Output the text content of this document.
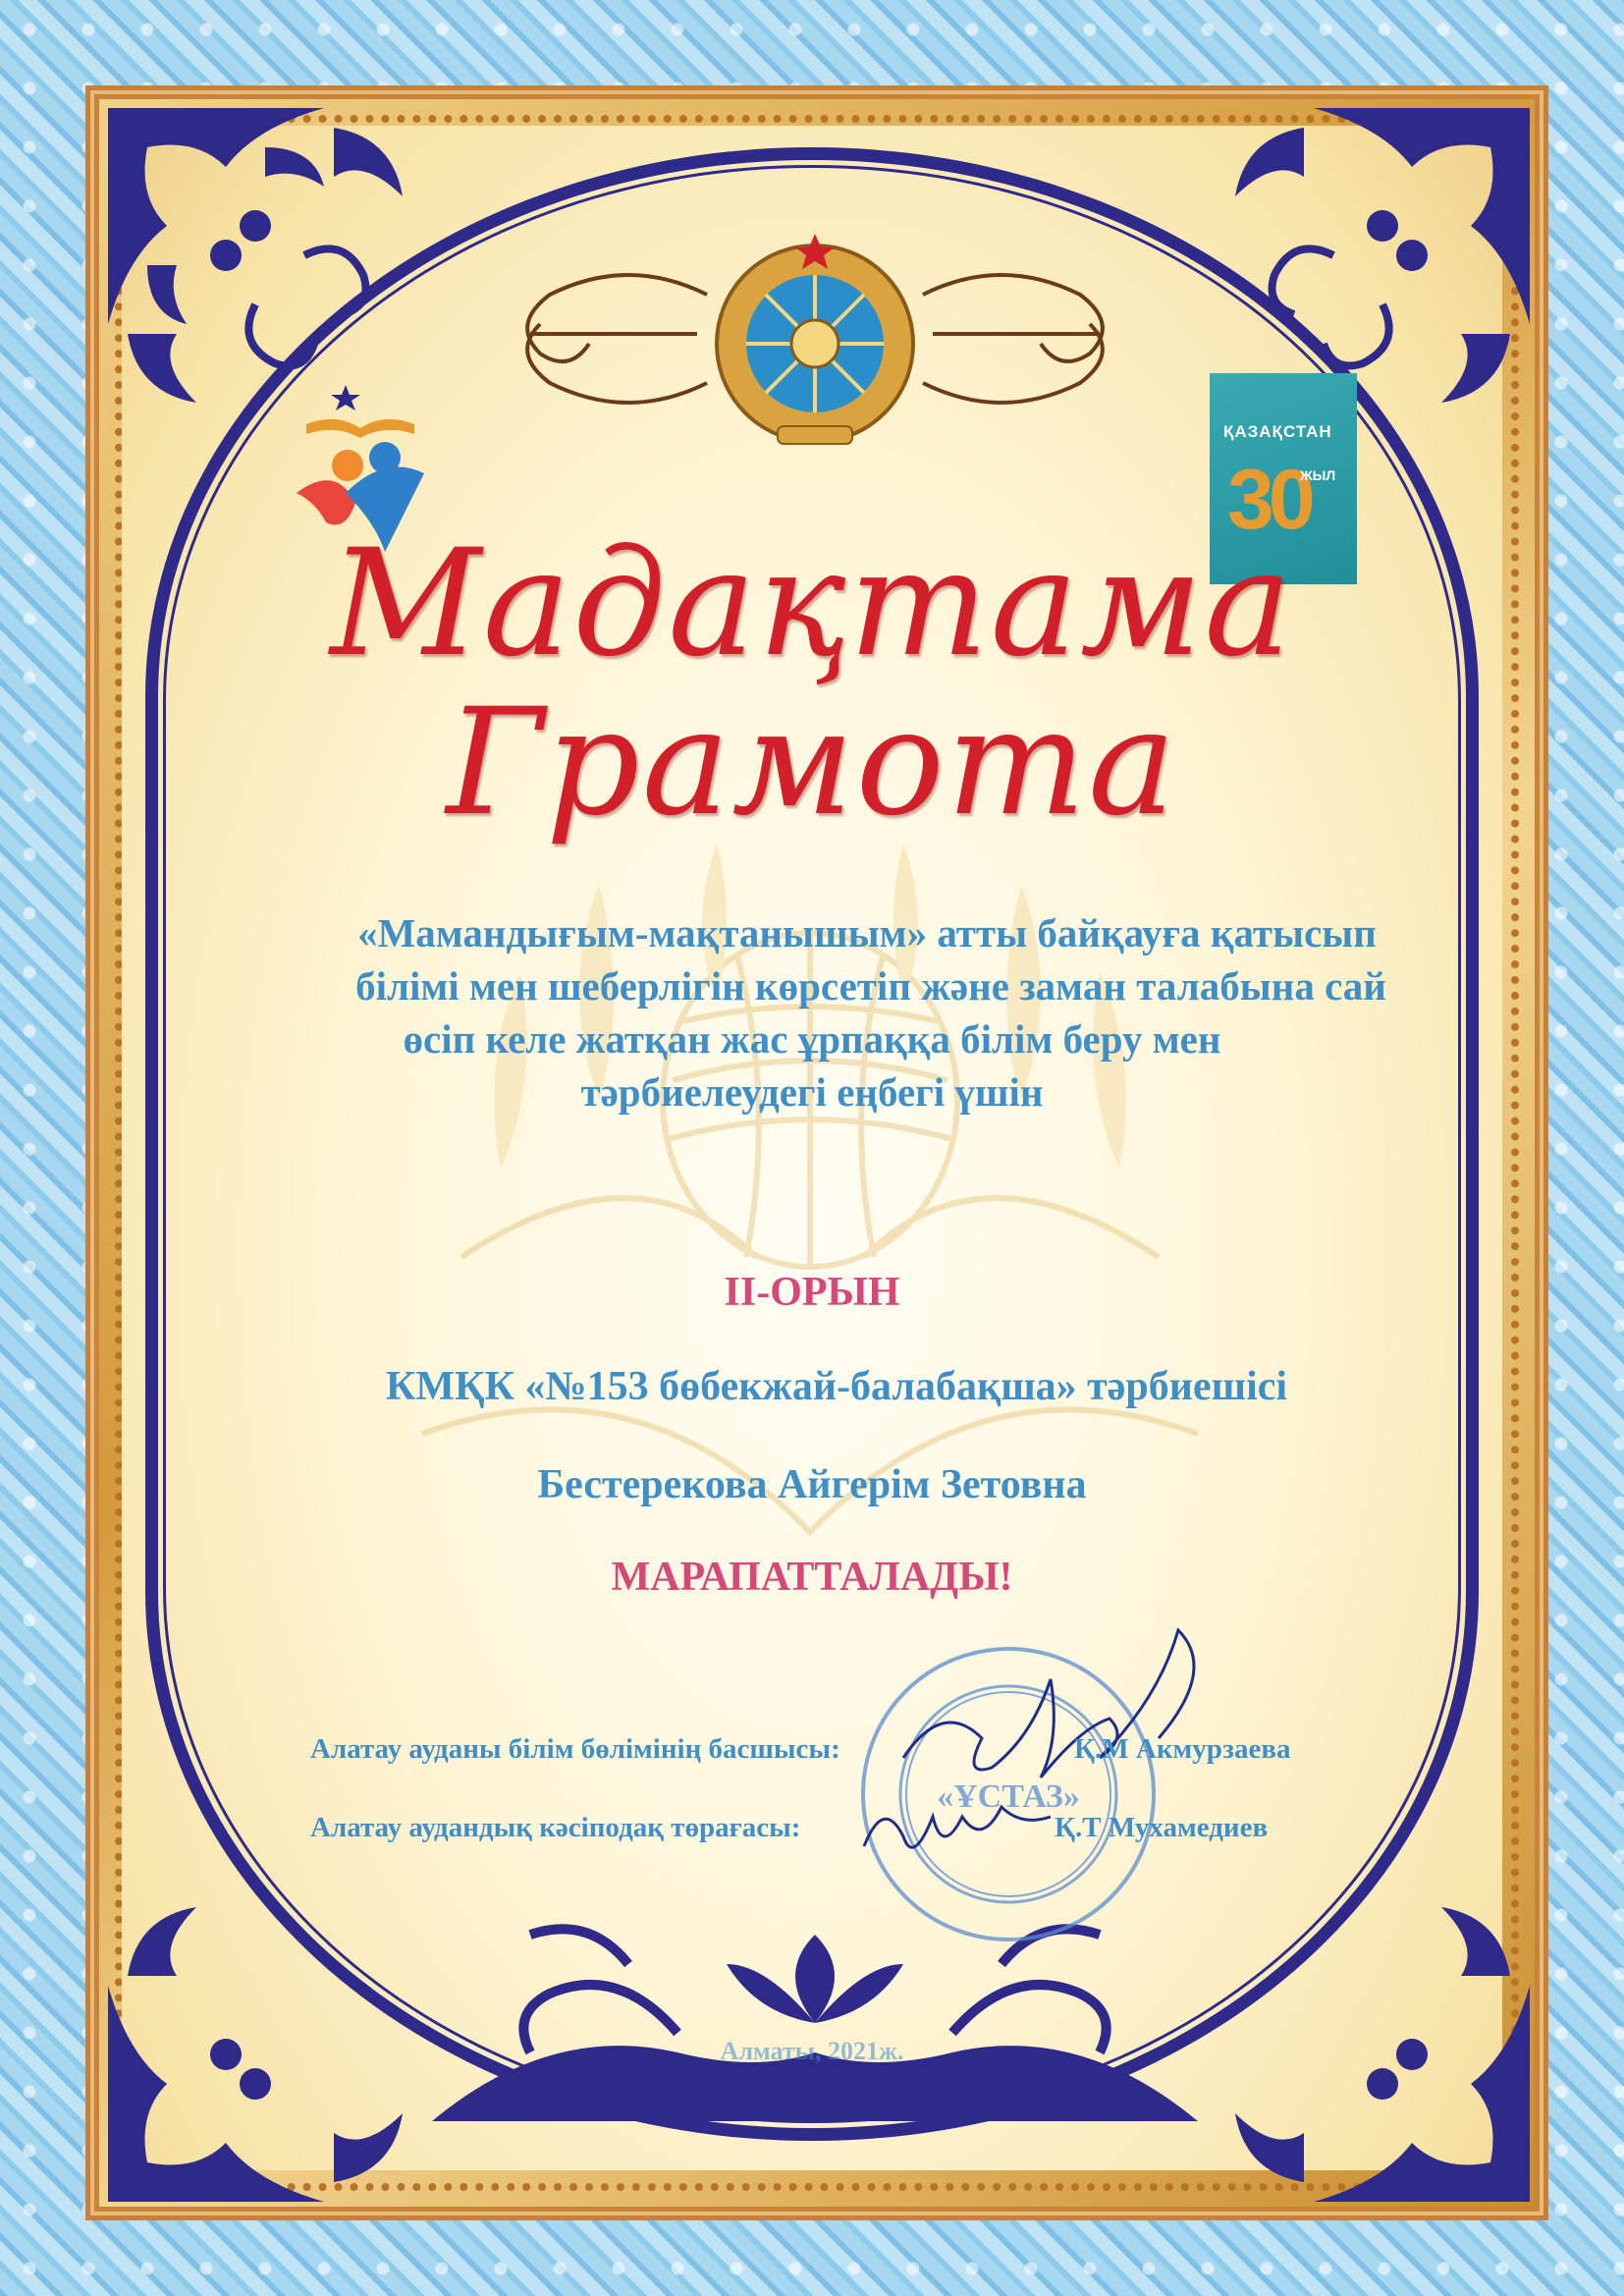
ҚАЗАҚСТАН
30
ЖЫЛ
Мадақтама
Грамота
«Мамандығым-мақтанышым» атты байқауға қатысып
білімі мен шеберлігін көрсетіп және заман талабына сай
өсіп келе жатқан жас ұрпаққа білім беру мен
тәрбиелеудегі еңбегі үшін
II-ОРЫН
КМҚК «№153 бөбекжай-балабақша» тәрбиешісі
Бестерекова Айгерім Зетовна
МАРАПАТТАЛАДЫ!
«ҰСТАЗ»
Алатау ауданы білім бөлімінің басшысы:	Қ.М Акмурзаева
Алатау аудандық кәсіподақ төрағасы:	Қ.Т Мухамедиев
Алматы, 2021ж.
